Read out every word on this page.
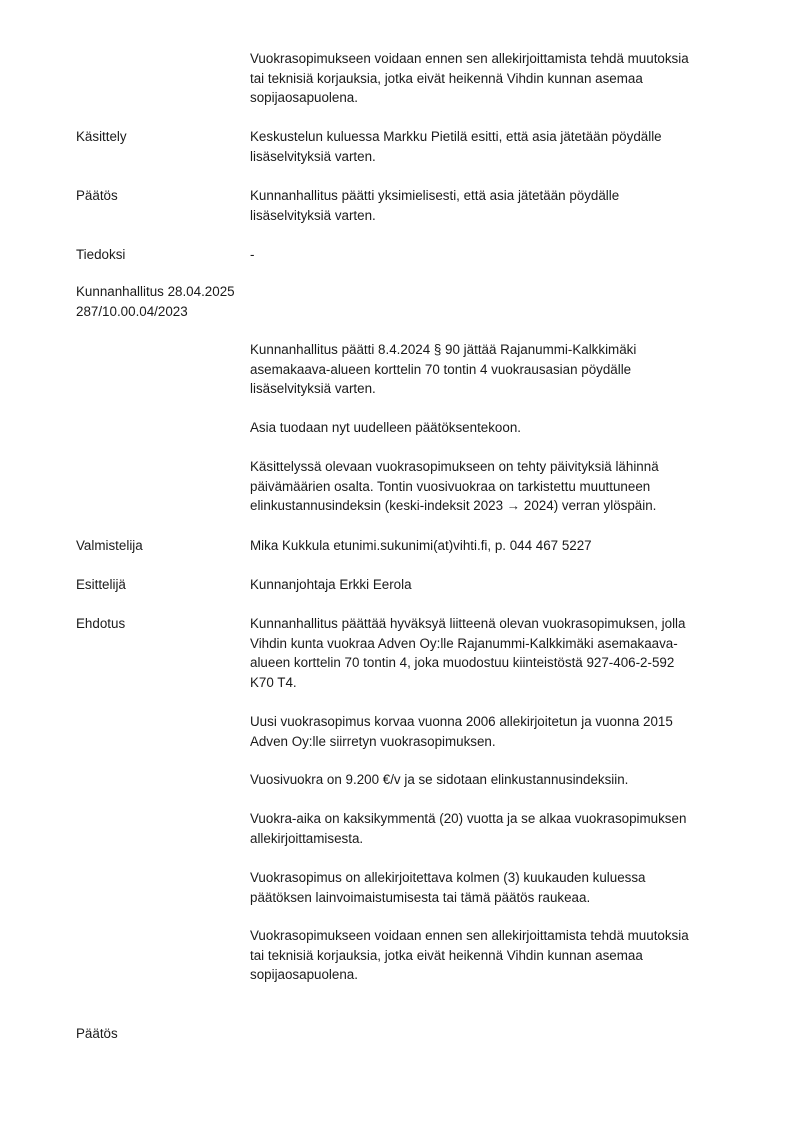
Vuokrasopimukseen voidaan ennen sen allekirjoittamista tehdä muutoksia

tai teknisiä korjauksia, jotka eivät heikennä Vihdin kunnan asemaa

sopijaosapuolena.

Käsittely	Keskustelun kuluessa Markku Pietilä esitti, että asia jätetään pöydälle

lisäselvityksiä varten.

Päätös	Kunnanhallitus päätti yksimielisesti, että asia jätetään pöydälle

lisäselvityksiä varten.

Tiedoksi	-

Kunnanhallitus 28.04.2025

287/10.00.04/2023

Kunnanhallitus päätti 8.4.2024 § 90 jättää Rajanummi-Kalkkimäki

asemakaava-alueen korttelin 70 tontin 4 vuokrausasian pöydälle

lisäselvityksiä varten.

Asia tuodaan nyt uudelleen päätöksentekoon.

Käsittelyssä olevaan vuokrasopimukseen on tehty päivityksiä lähinnä

päivämäärien osalta. Tontin vuosivuokraa on tarkistettu muuttuneen

elinkustannusindeksin (keski-indeksit 2023 → 2024) verran ylöspäin.

Valmistelija	Mika Kukkula etunimi.sukunimi(at)vihti.fi, p. 044 467 5227
Esittelijä	Kunnanjohtaja Erkki Eerola
Ehdotus	Kunnanhallitus päättää hyväksyä liitteenä olevan vuokrasopimuksen, jolla

Vihdin kunta vuokraa Adven Oy:lle Rajanummi-Kalkkimäki asemakaava-

alueen korttelin 70 tontin 4, joka muodostuu kiinteistöstä 927-406-2-592

K70 T4.

Uusi vuokrasopimus korvaa vuonna 2006 allekirjoitetun ja vuonna 2015

Adven Oy:lle siirretyn vuokrasopimuksen.

Vuosivuokra on 9.200 €/v ja se sidotaan elinkustannusindeksiin.

Vuokra-aika on kaksikymmentä (20) vuotta ja se alkaa vuokrasopimuksen

allekirjoittamisesta.

Vuokrasopimus on allekirjoitettava kolmen (3) kuukauden kuluessa

päätöksen lainvoimaistumisesta tai tämä päätös raukeaa.

Vuokrasopimukseen voidaan ennen sen allekirjoittamista tehdä muutoksia

tai teknisiä korjauksia, jotka eivät heikennä Vihdin kunnan asemaa

sopijaosapuolena.

Päätös
